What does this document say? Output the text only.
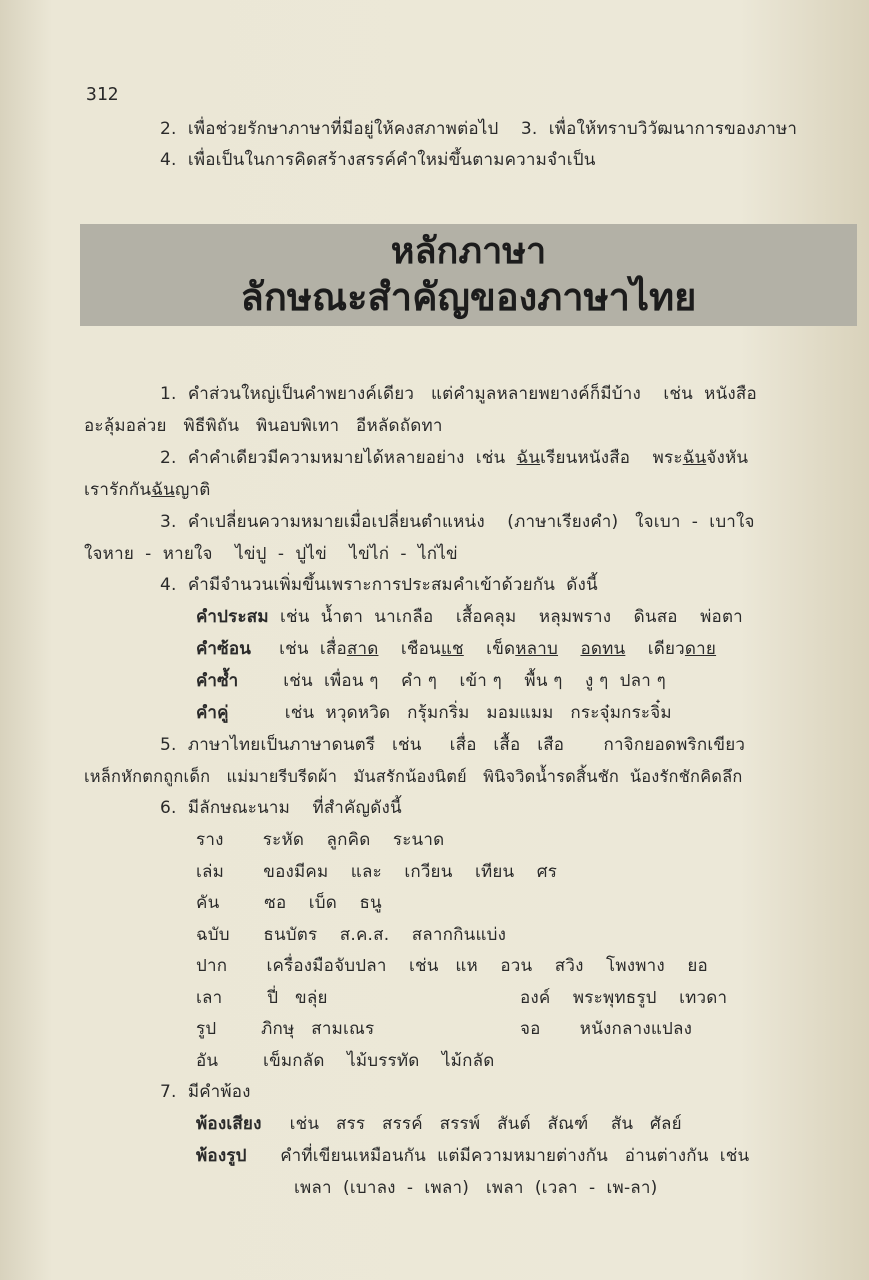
312
2.  เพื่อช่วยรักษาภาษาที่มีอยู่ให้คงสภาพต่อไป    3.  เพื่อให้ทราบวิวัฒนาการของภาษา
4.  เพื่อเป็นในการคิดสร้างสรรค์คำใหม่ขึ้นตามความจำเป็น
หลักภาษา
ลักษณะสำคัญของภาษาไทย
1.  คำส่วนใหญ่เป็นคำพยางค์เดียว   แต่คำมูลหลายพยางค์ก็มีบ้าง    เช่น  หนังสือ
อะลุ้มอล่วย   พิธีพิถัน   พินอบพิเทา   อีหลัดถัดทา
2.  คำคำเดียวมีความหมายได้หลายอย่าง  เช่น  ฉันเรียนหนังสือ    พระฉันจังหัน
เรารักกันฉันญาติ
3.  คำเปลี่ยนความหมายเมื่อเปลี่ยนตำแหน่ง    (ภาษาเรียงคำ)   ใจเบา  -  เบาใจ
ใจหาย  -  หายใจ    ไข่ปู  -  ปูไข่    ไข่ไก่  -  ไก่ไข่
4.  คำมีจำนวนเพิ่มขึ้นเพราะการประสมคำเข้าด้วยกัน  ดังนี้
คำประสม  เช่น  น้ำตา  นาเกลือ    เสื้อคลุม    หลุมพราง    ดินสอ    พ่อตา
คำซ้อน     เช่น  เสื่อสาด    เชือนแช    เข็ดหลาบ อดทน    เดียวดาย
คำซ้ำ        เช่น  เพื่อน ๆ    คำ ๆ    เข้า ๆ    พื้น ๆ    งู ๆ  ปลา ๆ
คำคู่          เช่น  หวุดหวิด   กรุ้มกริ่ม   มอมแมม   กระจุ๋มกระจิ๋ม
5.  ภาษาไทยเป็นภาษาดนตรี   เช่น     เสื่อ   เสื้อ   เสือ       กาจิกยอดพริกเขียว
เหล็กหักตกถูกเด็ก   แม่มายรีบรีดผ้า   มันสรักน้องนิตย์   พินิจวิดน้ำรดสิ้นชัก  น้องรักชักคิดลึก
6.  มีลักษณะนาม    ที่สำคัญดังนี้
ราง       ระหัด    ลูกคิด    ระนาด
เล่ม       ของมีคม    และ    เกวียน    เทียน    ศร
คัน        ซอ    เบ็ด    ธนู
ฉบับ      ธนบัตร    ส.ค.ส.    สลากกินแบ่ง
ปาก       เครื่องมือจับปลา    เช่น   แห    อวน    สวิง    โพงพาง    ยอ
เลา        ปี่   ขลุ่ย	องค์    พระพุทธรูป    เทวดา
รูป        ภิกษุ   สามเณร	จอ       หนังกลางแปลง
อัน        เข็มกลัด    ไม้บรรทัด    ไม้กลัด
7.  มีคำพ้อง
พ้องเสียง     เช่น   สรร   สรรค์   สรรพ์   สันต์   สัณฑ์    สัน   ศัลย์
พ้องรูป      คำที่เขียนเหมือนกัน  แต่มีความหมายต่างกัน   อ่านต่างกัน  เช่น
เพลา  (เบาลง  -  เพลา)   เพลา  (เวลา  -  เพ-ลา)
